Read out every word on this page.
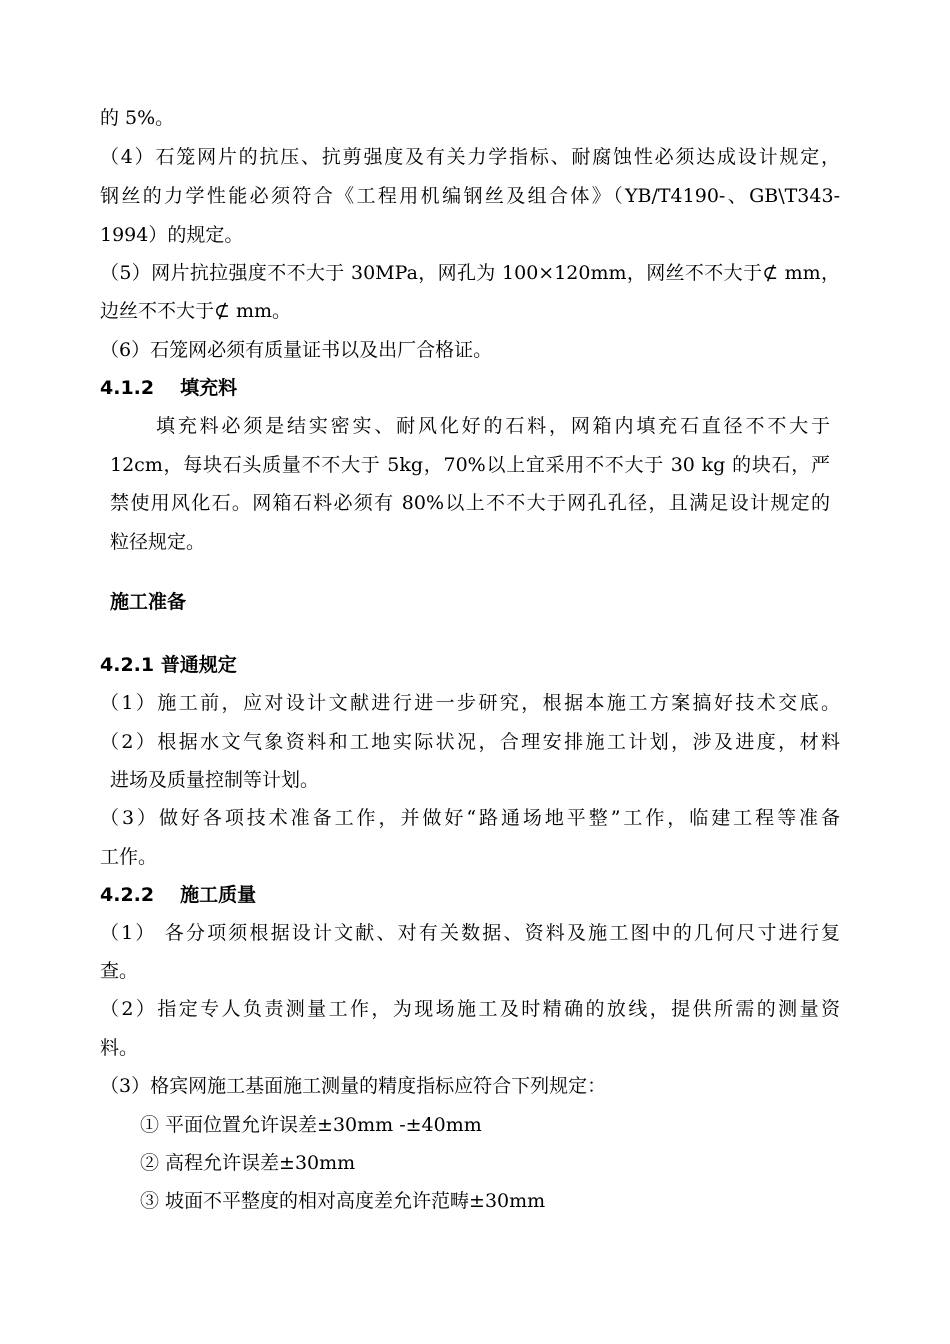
的 5%。
（4）石笼网片的抗压、抗剪强度及有关力学指标、耐腐蚀性必须达成设计规定，
钢丝的力学性能必须符合《工程用机编钢丝及组合体》（YB/T4190-、GB\T343-
1994）的规定。
（5）网片抗拉强度不不大于 30MPa，网孔为 100×120mm，网丝不不大于⊄ mm，
边丝不不大于⊄ mm。
（6）石笼网必须有质量证书以及出厂合格证。
4.1.2 填充料
填充料必须是结实密实、耐风化好的石料，网箱内填充石直径不不大于
12cm，每块石头质量不不大于 5kg，70%以上宜采用不不大于 30 kg 的块石，严
禁使用风化石。网箱石料必须有 80%以上不不大于网孔孔径，且满足设计规定的
粒径规定。
施工准备
4.2.1 普通规定
（1）施工前，应对设计文献进行进一步研究，根据本施工方案搞好技术交底。
（2）根据水文气象资料和工地实际状况，合理安排施工计划，涉及进度，材料
进场及质量控制等计划。
（3）做好各项技术准备工作，并做好“路通场地平整”工作，临建工程等准备
工作。
4.2.2 施工质量
（1） 各分项须根据设计文献、对有关数据、资料及施工图中的几何尺寸进行复
查。
（2）指定专人负责测量工作，为现场施工及时精确的放线，提供所需的测量资
料。
（3）格宾网施工基面施工测量的精度指标应符合下列规定：
① 平面位置允许误差±30mm -±40mm
② 高程允许误差±30mm
③ 坡面不平整度的相对高度差允许范畴±30mm
